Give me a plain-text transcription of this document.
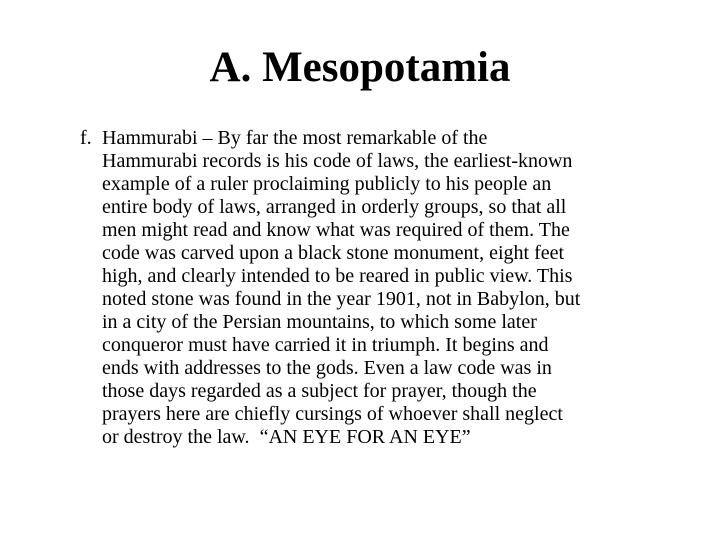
A. Mesopotamia
f. Hammurabi – By far the most remarkable of the
Hammurabi records is his code of laws, the earliest-known
example of a ruler proclaiming publicly to his people an
entire body of laws, arranged in orderly groups, so that all
men might read and know what was required of them. The
code was carved upon a black stone monument, eight feet
high, and clearly intended to be reared in public view. This
noted stone was found in the year 1901, not in Babylon, but
in a city of the Persian mountains, to which some later
conqueror must have carried it in triumph. It begins and
ends with addresses to the gods. Even a law code was in
those days regarded as a subject for prayer, though the
prayers here are chiefly cursings of whoever shall neglect
or destroy the law.  “AN EYE FOR AN EYE”
